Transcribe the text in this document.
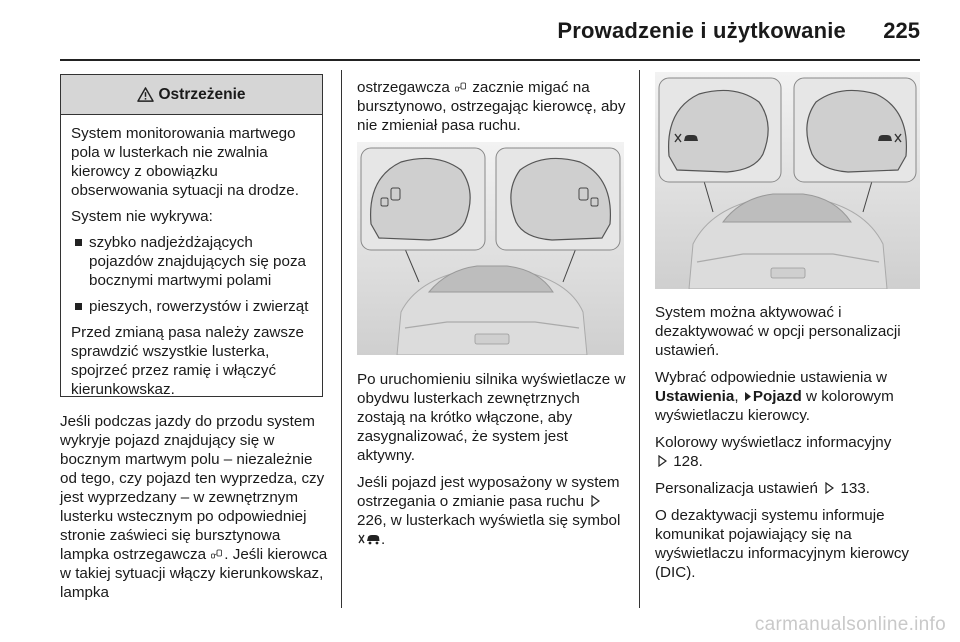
Prowadzenie i użytkowanie 225
Ostrzeżenie

System monitorowania martwego pola w lusterkach nie zwalnia kierowcy z obowiązku obserwowania sytuacji na drodze.

System nie wykrywa:

szybko nadjeżdżających pojazdów znajdujących się poza bocznymi martwymi polami
pieszych, rowerzystów i zwierząt

Przed zmianą pasa należy zawsze sprawdzić wszystkie lusterka, spojrzeć przez ramię i włączyć kierunkowskaz.

Jeśli podczas jazdy do przodu system wykryje pojazd znajdujący się w bocznym martwym polu – niezależnie od tego, czy pojazd ten wyprzedza, czy jest wyprzedzany – w zewnętrznym lusterku wstecznym po odpowiedniej stronie zaświeci się bursztynowa lampka ostrzegawcza . Jeśli kierowca w takiej sytuacji włączy kierunkowskaz, lampka

ostrzegawcza zacznie migać na bursztynowo, ostrzegając kierowcę, aby nie zmieniał pasa ruchu.

Po uruchomieniu silnika wyświetlacze w obydwu lusterkach zewnętrznych zostają na krótko włączone, aby zasygnalizować, że system jest aktywny.

Jeśli pojazd jest wyposażony w system ostrzegania o zmianie pasa ruchu  226, w lusterkach wyświetla się symbol .

System można aktywować i dezaktywować w opcji personalizacji ustawień.

Wybrać odpowiednie ustawienia w Ustawienia, Pojazd w kolorowym wyświetlaczu kierowcy.

Kolorowy wyświetlacz informacyjny
128.

Personalizacja ustawień 133.

O dezaktywacji systemu informuje komunikat pojawiający się na wyświetlaczu informacyjnym kierowcy (DIC).

carmanualsonline.info
